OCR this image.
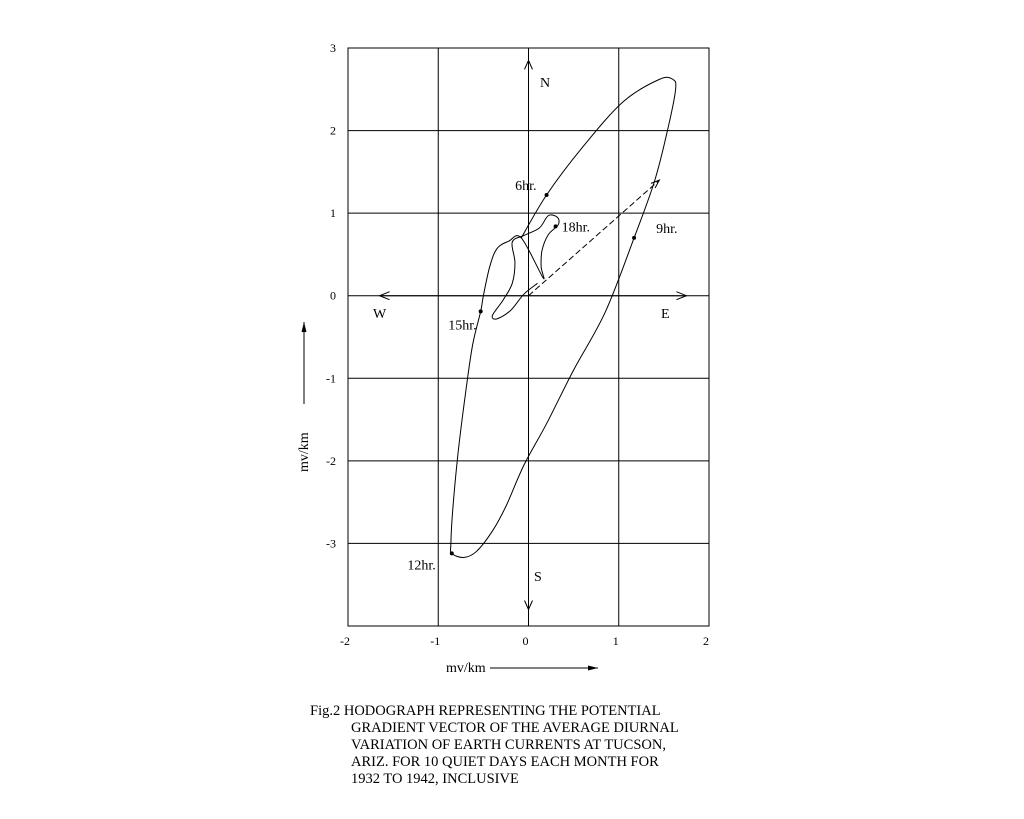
-2	-1	0	1	2
3
2
1
0
-1
-2
-3
6hr.
9hr.
12hr.
15hr.
18hr.
N
S
W	E
mv/km
mv/km
Fig.2 HODOGRAPH REPRESENTING THE POTENTIAL
GRADIENT VECTOR OF THE AVERAGE DIURNAL
VARIATION OF EARTH CURRENTS AT TUCSON,
ARIZ. FOR 10 QUIET DAYS EACH MONTH FOR
1932 TO 1942, INCLUSIVE
